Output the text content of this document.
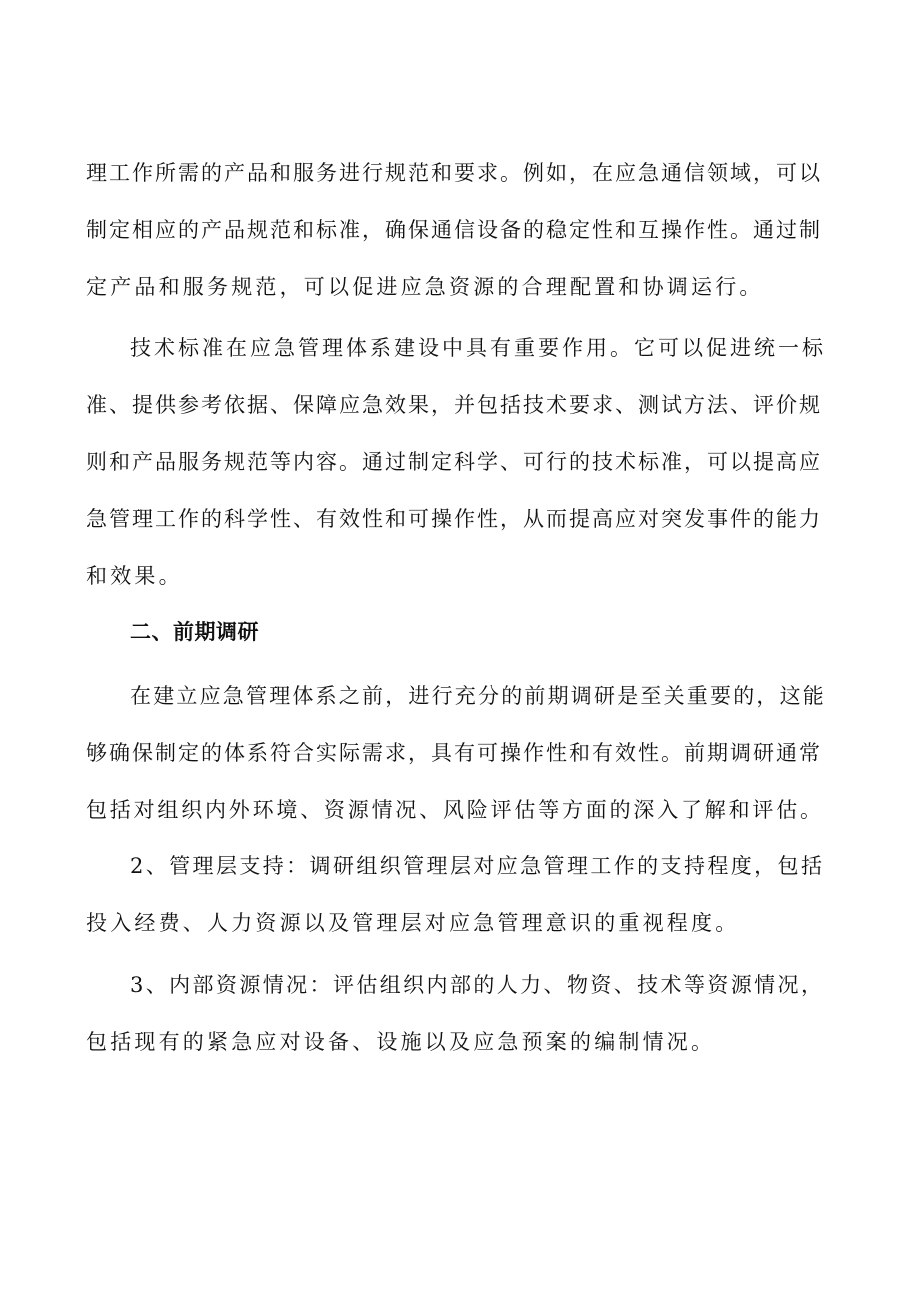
理工作所需的产品和服务进行规范和要求。例如，在应急通信领域，可以
制定相应的产品规范和标准，确保通信设备的稳定性和互操作性。通过制
定产品和服务规范，可以促进应急资源的合理配置和协调运行。

技术标准在应急管理体系建设中具有重要作用。它可以促进统一标
准、提供参考依据、保障应急效果，并包括技术要求、测试方法、评价规
则和产品服务规范等内容。通过制定科学、可行的技术标准，可以提高应
急管理工作的科学性、有效性和可操作性，从而提高应对突发事件的能力
和效果。

二、前期调研

在建立应急管理体系之前，进行充分的前期调研是至关重要的，这能
够确保制定的体系符合实际需求，具有可操作性和有效性。前期调研通常
包括对组织内外环境、资源情况、风险评估等方面的深入了解和评估。

2、管理层支持：调研组织管理层对应急管理工作的支持程度，包括
投入经费、人力资源以及管理层对应急管理意识的重视程度。

3、内部资源情况：评估组织内部的人力、物资、技术等资源情况，
包括现有的紧急应对设备、设施以及应急预案的编制情况。
